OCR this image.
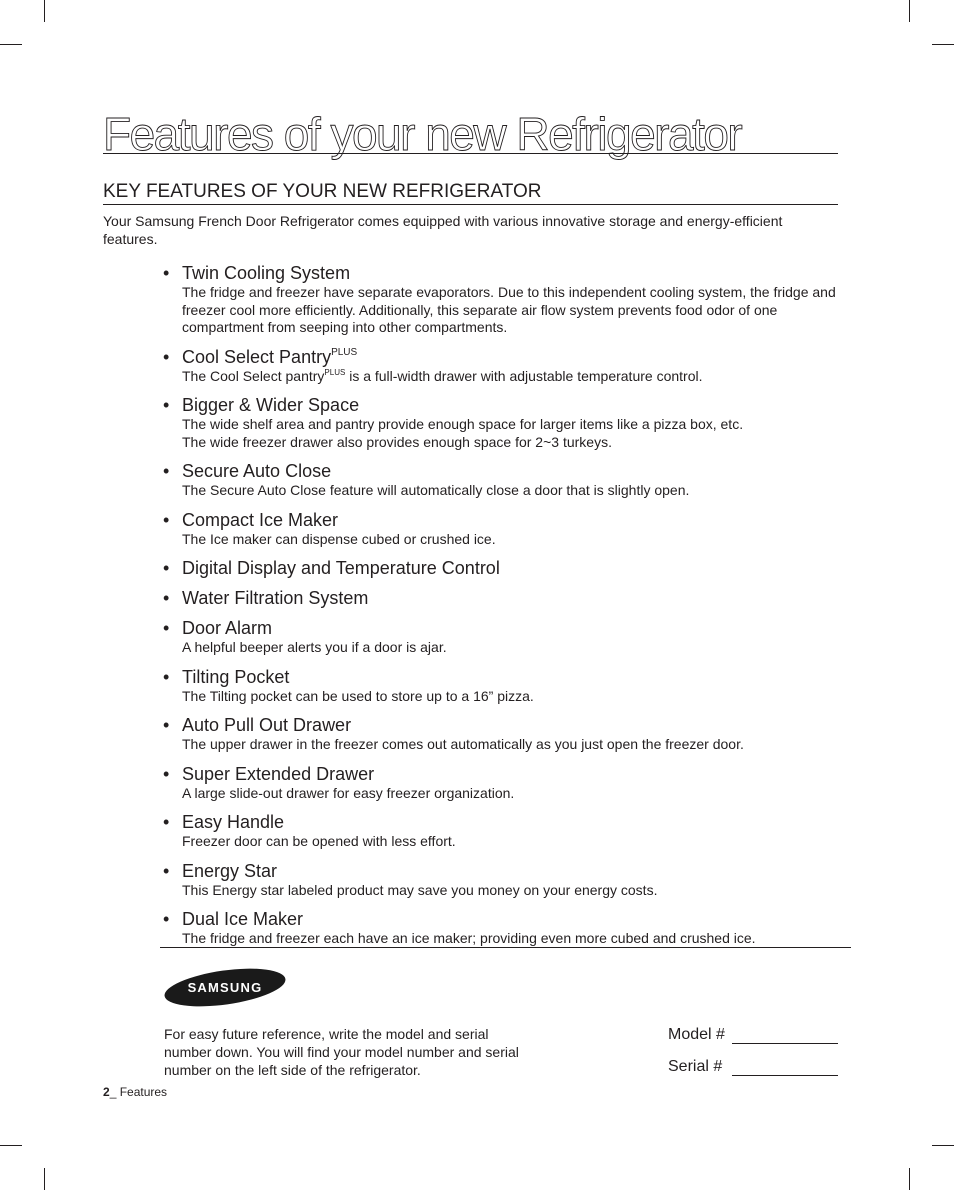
Features of your new Refrigerator
KEY FEATURES OF YOUR NEW REFRIGERATOR
Your Samsung French Door Refrigerator comes equipped with various innovative storage and energy-efficient features.
• Twin Cooling System
The fridge and freezer have separate evaporators. Due to this independent cooling system, the fridge and freezer cool more efficiently. Additionally, this separate air flow system prevents food odor of one compartment from seeping into other compartments.
• Cool Select Pantry$^{PLUS}$
The Cool Select pantry$^{PLUS}$ is a full-width drawer with adjustable temperature control.
• Bigger & Wider Space
The wide shelf area and pantry provide enough space for larger items like a pizza box, etc.
The wide freezer drawer also provides enough space for 2~3 turkeys.
• Secure Auto Close
The Secure Auto Close feature will automatically close a door that is slightly open.
• Compact Ice Maker
The Ice maker can dispense cubed or crushed ice.
• Digital Display and Temperature Control
• Water Filtration System
• Door Alarm
A helpful beeper alerts you if a door is ajar.
• Tilting Pocket
The Tilting pocket can be used to store up to a 16” pizza.
• Auto Pull Out Drawer
The upper drawer in the freezer comes out automatically as you just open the freezer door.
• Super Extended Drawer
A large slide-out drawer for easy freezer organization.
• Easy Handle
Freezer door can be opened with less effort.
• Energy Star
This Energy star labeled product may save you money on your energy costs.
• Dual Ice Maker
The fridge and freezer each have an ice maker; providing even more cubed and crushed ice.
SAMSUNG
For easy future reference, write the model and serial number down. You will find your model number and serial number on the left side of the refrigerator.
Model #
Serial #
2_ Features
